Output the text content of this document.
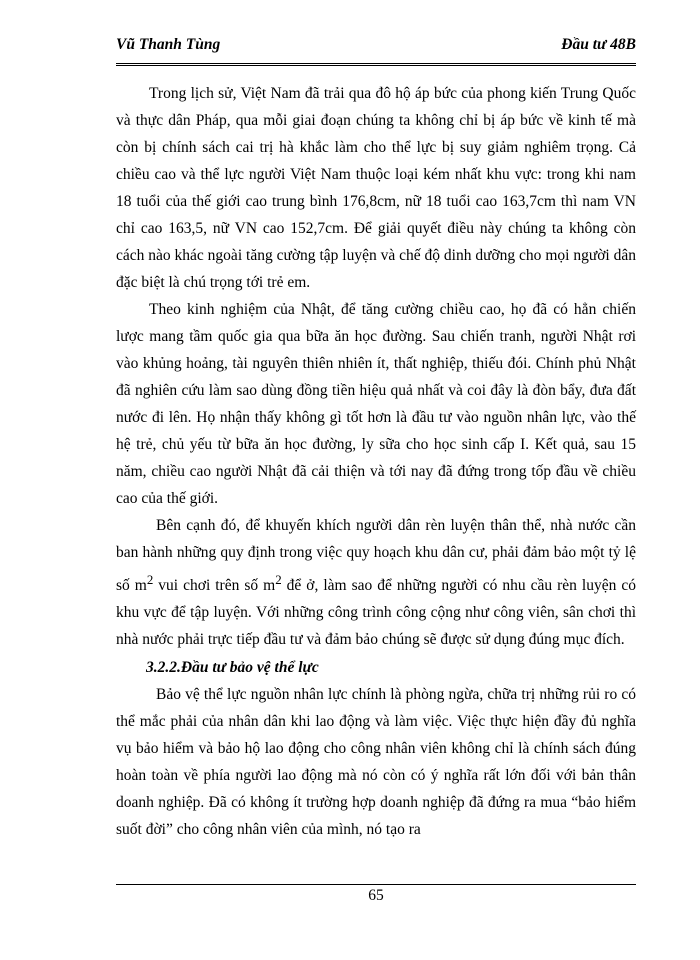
Vũ Thanh Tùng	Đầu tư 48B

Trong lịch sử, Việt Nam đã trải qua đô hộ áp bức của phong kiến Trung Quốc và thực dân Pháp, qua mỗi giai đoạn chúng ta không chỉ bị áp bức về kinh tế mà còn bị chính sách cai trị hà khắc làm cho thể lực bị suy giảm nghiêm trọng. Cả chiều cao và thể lực người Việt Nam thuộc loại kém nhất khu vực: trong khi nam 18 tuổi của thế giới cao trung bình 176,8cm, nữ 18 tuổi cao 163,7cm thì nam VN chỉ cao 163,5, nữ VN cao 152,7cm. Để giải quyết điều này chúng ta không còn cách nào khác ngoài tăng cường tập luyện và chế độ dinh dưỡng cho mọi người dân đặc biệt là chú trọng tới trẻ em.

Theo kinh nghiệm của Nhật, để tăng cường chiều cao, họ đã có hẳn chiến lược mang tầm quốc gia qua bữa ăn học đường. Sau chiến tranh, người Nhật rơi vào khủng hoảng, tài nguyên thiên nhiên ít, thất nghiệp, thiếu đói. Chính phủ Nhật đã nghiên cứu làm sao dùng đồng tiền hiệu quả nhất và coi đây là đòn bẩy, đưa đất nước đi lên. Họ nhận thấy không gì tốt hơn là đầu tư vào nguồn nhân lực, vào thế hệ trẻ, chủ yếu từ bữa ăn học đường, ly sữa cho học sinh cấp I. Kết quả, sau 15 năm, chiều cao người Nhật đã cải thiện và tới nay đã đứng trong tốp đầu về chiều cao của thế giới.

Bên cạnh đó, để khuyến khích người dân rèn luyện thân thể, nhà nước cần ban hành những quy định trong việc quy hoạch khu dân cư, phải đảm bảo một tỷ lệ số $m^2$ vui chơi trên số $m^2$ để ở, làm sao để những người có nhu cầu rèn luyện có khu vực để tập luyện. Với những công trình công cộng như công viên, sân chơi thì nhà nước phải trực tiếp đầu tư và đảm bảo chúng sẽ được sử dụng đúng mục đích.

3.2.2.Đầu tư bảo vệ thể lực

Bảo vệ thể lực nguồn nhân lực chính là phòng ngừa, chữa trị những rủi ro có thể mắc phải của nhân dân khi lao động và làm việc. Việc thực hiện đầy đủ nghĩa vụ bảo hiểm và bảo hộ lao động cho công nhân viên không chỉ là chính sách đúng hoàn toàn về phía người lao động mà nó còn có ý nghĩa rất lớn đối với bản thân doanh nghiệp. Đã có không ít trường hợp doanh nghiệp đã đứng ra mua “bảo hiểm suốt đời” cho công nhân viên của mình, nó tạo ra

65
